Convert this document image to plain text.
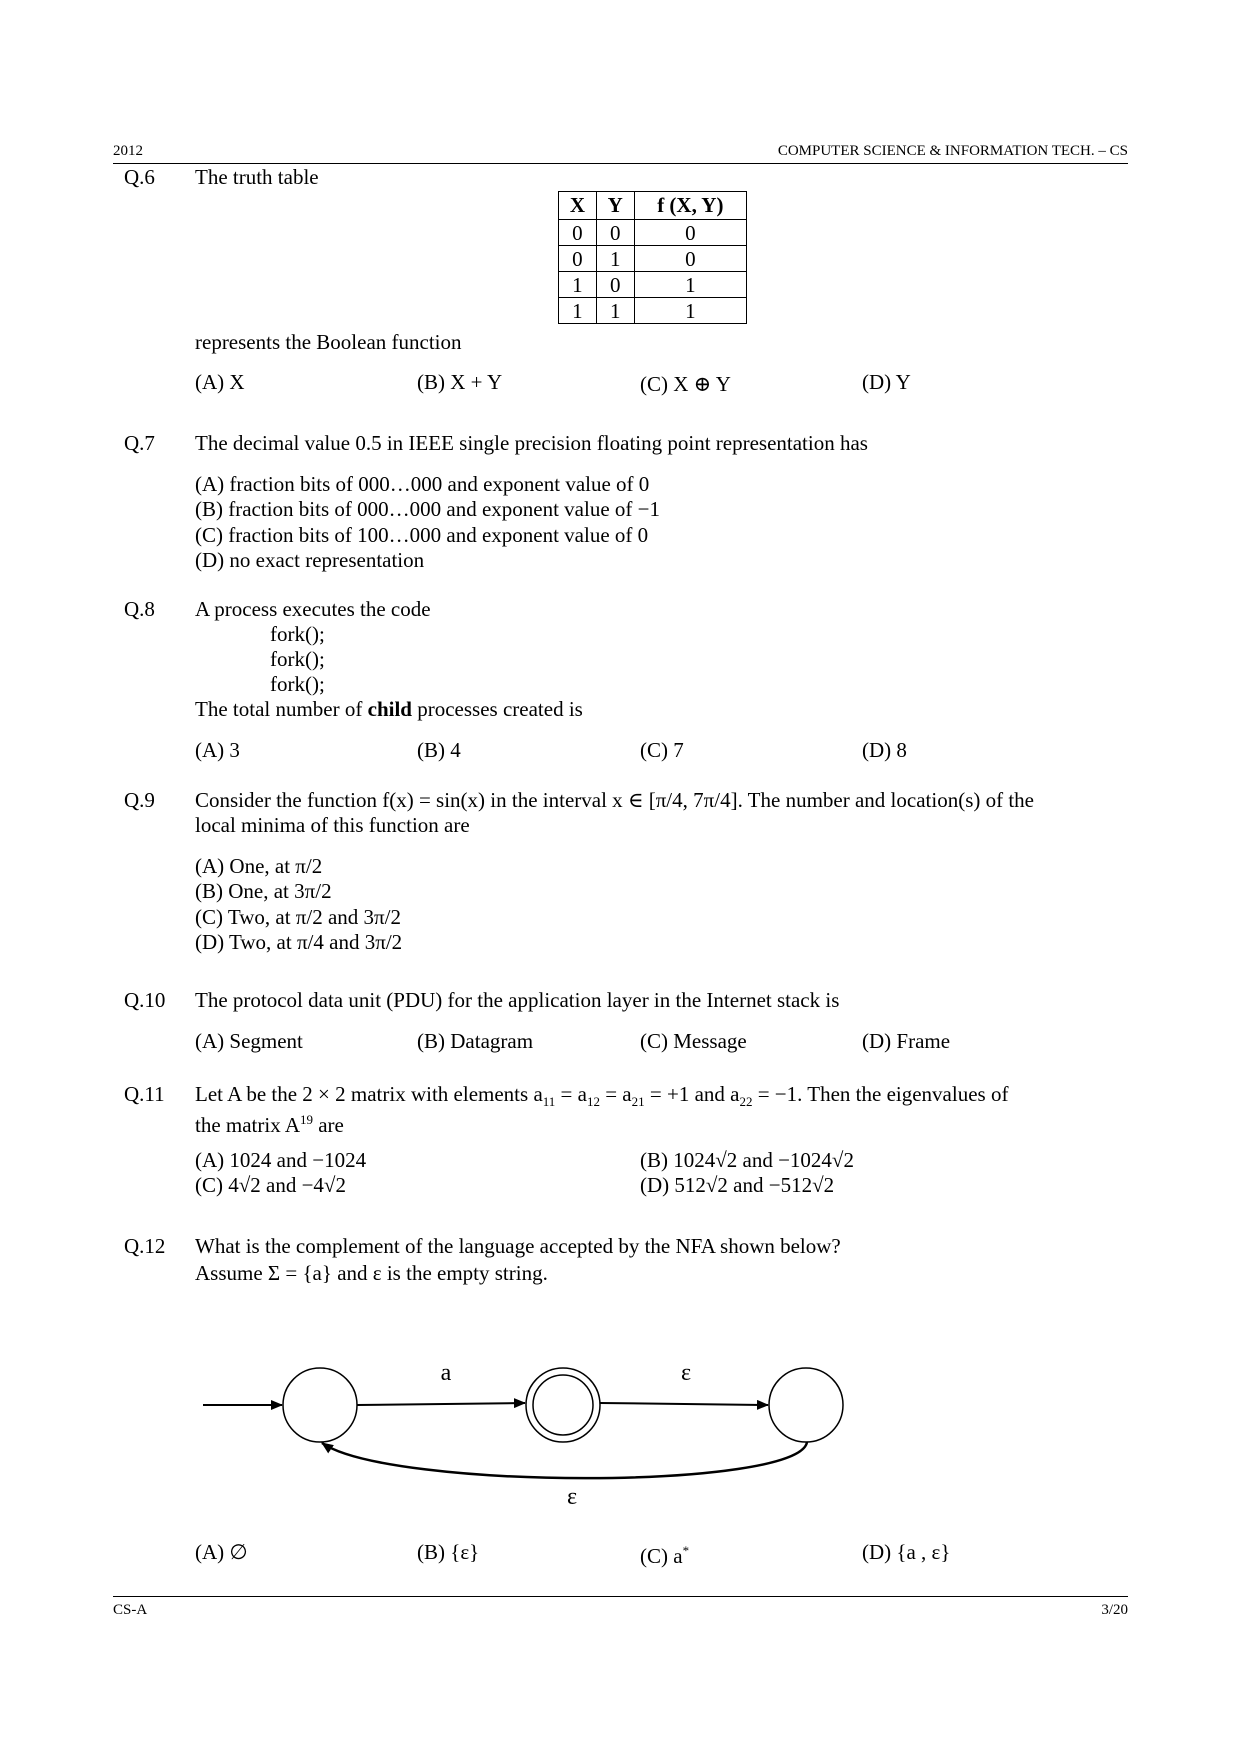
2012	COMPUTER SCIENCE & INFORMATION TECH. – CS
Q.6 The truth table
X	Y	f (X, Y)
0	0	0
0	1	0
1	0	1
1	1	1
represents the Boolean function
(A) X	(B) X + Y	(C) X ⊕ Y	(D) Y
Q.7 The decimal value 0.5 in IEEE single precision floating point representation has
(A) fraction bits of 000…000 and exponent value of 0
(B) fraction bits of 000…000 and exponent value of −1
(C) fraction bits of 100…000 and exponent value of 0
(D) no exact representation
Q.8 A process executes the code
fork();
fork();
fork();
The total number of child processes created is
(A) 3	(B) 4	(C) 7	(D) 8
Q.9 Consider the function f(x) = sin(x) in the interval x ∈ [π/4, 7π/4]. The number and location(s) of the
local minima of this function are
(A) One, at π/2
(B) One, at 3π/2
(C) Two, at π/2 and 3π/2
(D) Two, at π/4 and 3π/2
Q.10 The protocol data unit (PDU) for the application layer in the Internet stack is
(A) Segment	(B) Datagram	(C) Message	(D) Frame
Q.11 Let A be the 2 × 2 matrix with elements $a_{11} = a_{12} = a_{21} = +1$ and $a_{22} = -1$. Then the eigenvalues of
the matrix $A^{19}$ are
(A) 1024 and −1024	(B) 1024√2 and −1024√2
(C) 4√2 and −4√2	(D) 512√2 and −512√2
Q.12 What is the complement of the language accepted by the NFA shown below?
Assume Σ = {a} and ε is the empty string.
(A) ∅	(B) {ε}	(C) a*	(D) {a , ε}
a	ε
ε
CS-A	3/20
